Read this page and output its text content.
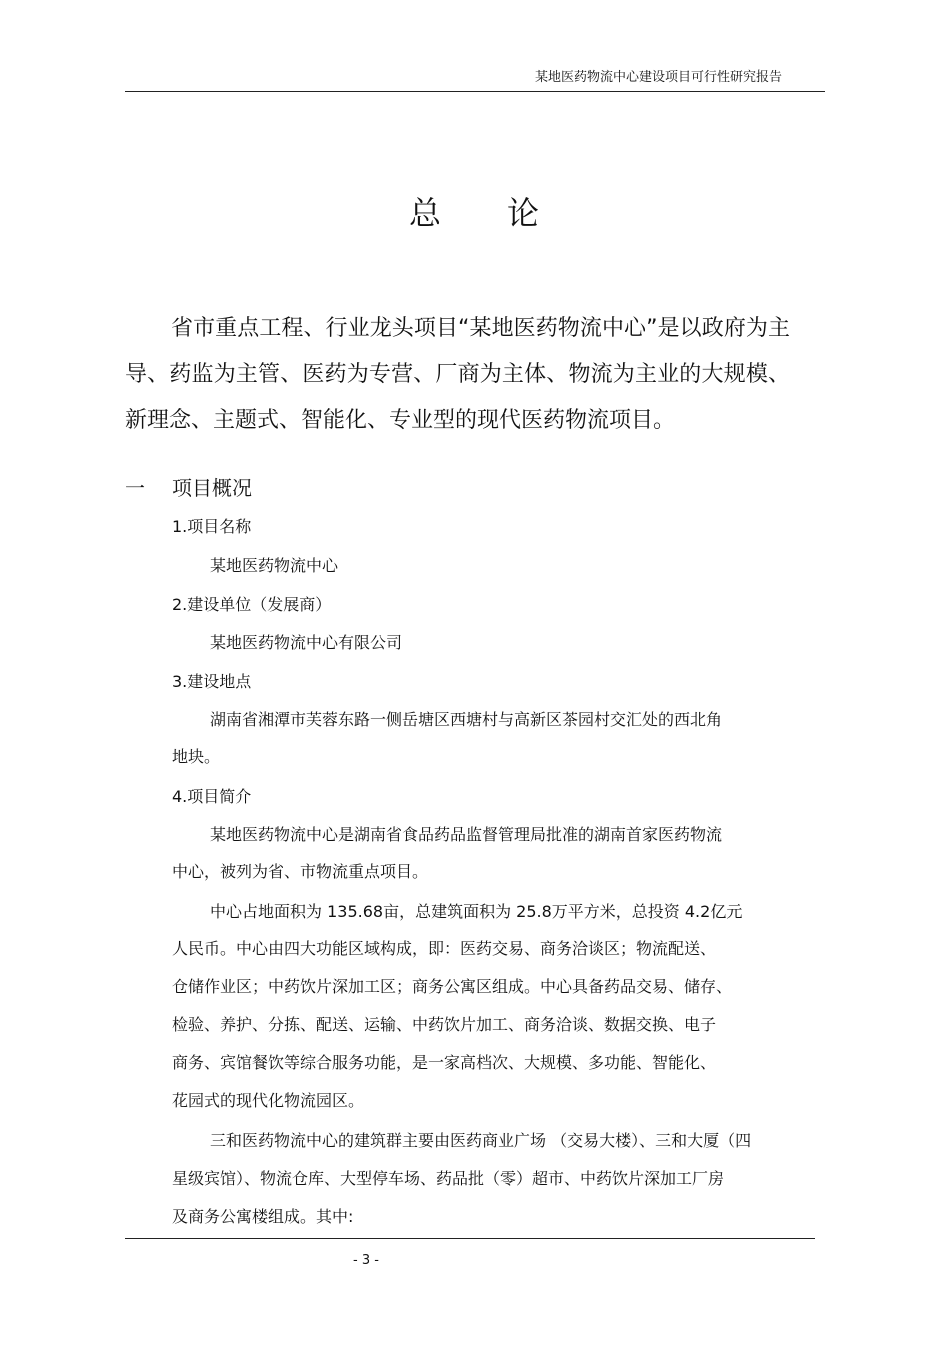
某地医药物流中心建设项目可行性研究报告
总 论
省市重点工程、行业龙头项目“某地医药物流中心”是以政府为主导、药监为主管、医药为专营、厂商为主体、物流为主业的大规模、新理念、主题式、智能化、专业型的现代医药物流项目。
一 项目概况
1.项目名称
某地医药物流中心
2.建设单位（发展商）
某地医药物流中心有限公司
3.建设地点
湖南省湘潭市芙蓉东路一侧岳塘区西塘村与高新区茶园村交汇处的西北角
地块。
4.项目简介
某地医药物流中心是湖南省食品药品监督管理局批准的湖南首家医药物流
中心，被列为省、市物流重点项目。
中心占地面积为 135.68亩，总建筑面积为 25.8万平方米，总投资 4.2亿元
人民币。中心由四大功能区域构成，即：医药交易、商务洽谈区；物流配送、
仓储作业区；中药饮片深加工区；商务公寓区组成。中心具备药品交易、储存、
检验、养护、分拣、配送、运输、中药饮片加工、商务洽谈、数据交换、电子
商务、宾馆餐饮等综合服务功能，是一家高档次、大规模、多功能、智能化、
花园式的现代化物流园区。
三和医药物流中心的建筑群主要由医药商业广场 （交易大楼）、三和大厦（四
星级宾馆）、物流仓库、大型停车场、药品批（零）超市、中药饮片深加工厂房
及商务公寓楼组成。其中:
- 3 -
